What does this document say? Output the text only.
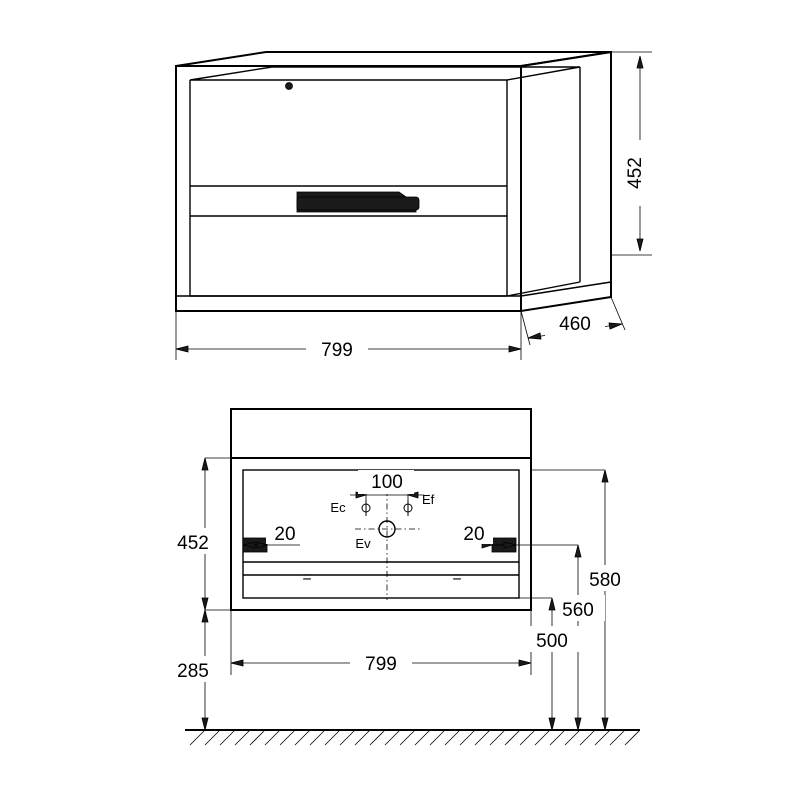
799
460
452
Ec
Ef
Ev
100
20	20
=	=
452
285	799
580
560
500
